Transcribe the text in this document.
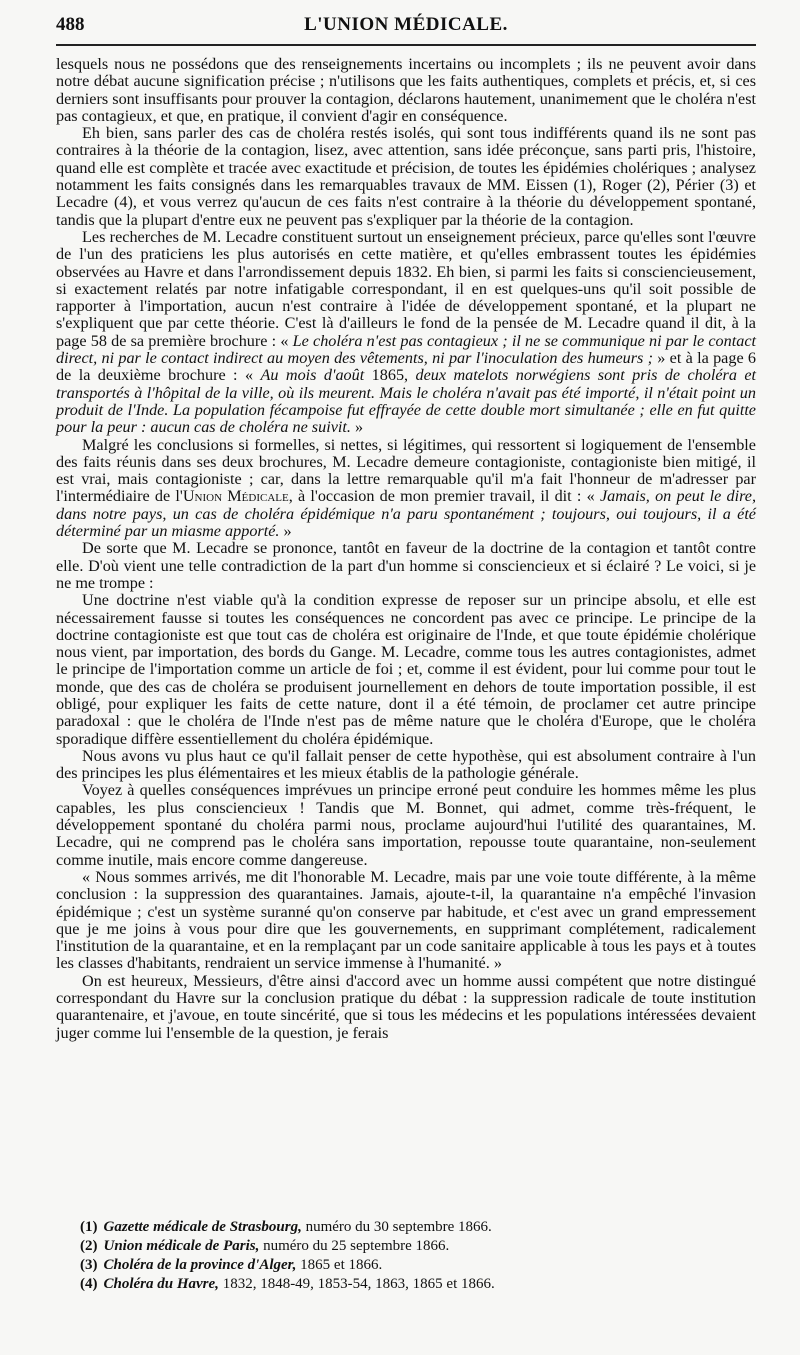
488	L'UNION MÉDICALE.

lesquels nous ne possédons que des renseignements incertains ou incomplets ; ils ne peuvent avoir dans notre débat aucune signification précise ; n'utilisons que les faits authentiques, complets et précis, et, si ces derniers sont insuffisants pour prouver la contagion, déclarons hautement, unanimement que le choléra n'est pas contagieux, et que, en pratique, il convient d'agir en conséquence.

Eh bien, sans parler des cas de choléra restés isolés, qui sont tous indifférents quand ils ne sont pas contraires à la théorie de la contagion, lisez, avec attention, sans idée préconçue, sans parti pris, l'histoire, quand elle est complète et tracée avec exactitude et précision, de toutes les épidémies cholériques ; analysez notamment les faits consignés dans les remarquables travaux de MM. Eissen (1), Roger (2), Périer (3) et Lecadre (4), et vous verrez qu'aucun de ces faits n'est contraire à la théorie du développement spontané, tandis que la plupart d'entre eux ne peuvent pas s'expliquer par la théorie de la contagion.

Les recherches de M. Lecadre constituent surtout un enseignement précieux, parce qu'elles sont l'œuvre de l'un des praticiens les plus autorisés en cette matière, et qu'elles embrassent toutes les épidémies observées au Havre et dans l'arrondissement depuis 1832. Eh bien, si parmi les faits si consciencieusement, si exactement relatés par notre infatigable correspondant, il en est quelques-uns qu'il soit possible de rapporter à l'importation, aucun n'est contraire à l'idée de développement spontané, et la plupart ne s'expliquent que par cette théorie. C'est là d'ailleurs le fond de la pensée de M. Lecadre quand il dit, à la page 58 de sa première brochure : « Le choléra n'est pas contagieux ; il ne se communique ni par le contact direct, ni par le contact indirect au moyen des vêtements, ni par l'inoculation des humeurs ; » et à la page 6 de la deuxième brochure : « Au mois d'août 1865, deux matelots norwégiens sont pris de choléra et transportés à l'hôpital de la ville, où ils meurent. Mais le choléra n'avait pas été importé, il n'était point un produit de l'Inde. La population fécampoise fut effrayée de cette double mort simultanée ; elle en fut quitte pour la peur : aucun cas de choléra ne suivit. »

Malgré les conclusions si formelles, si nettes, si légitimes, qui ressortent si logiquement de l'ensemble des faits réunis dans ses deux brochures, M. Lecadre demeure contagioniste, contagioniste bien mitigé, il est vrai, mais contagioniste ; car, dans la lettre remarquable qu'il m'a fait l'honneur de m'adresser par l'intermédiaire de l'Union Médicale, à l'occasion de mon premier travail, il dit : « Jamais, on peut le dire, dans notre pays, un cas de choléra épidémique n'a paru spontanément ; toujours, oui toujours, il a été déterminé par un miasme apporté. »

De sorte que M. Lecadre se prononce, tantôt en faveur de la doctrine de la contagion et tantôt contre elle. D'où vient une telle contradiction de la part d'un homme si consciencieux et si éclairé ? Le voici, si je ne me trompe :

Une doctrine n'est viable qu'à la condition expresse de reposer sur un principe absolu, et elle est nécessairement fausse si toutes les conséquences ne concordent pas avec ce principe. Le principe de la doctrine contagioniste est que tout cas de choléra est originaire de l'Inde, et que toute épidémie cholérique nous vient, par importation, des bords du Gange. M. Lecadre, comme tous les autres contagionistes, admet le principe de l'importation comme un article de foi ; et, comme il est évident, pour lui comme pour tout le monde, que des cas de choléra se produisent journellement en dehors de toute importation possible, il est obligé, pour expliquer les faits de cette nature, dont il a été témoin, de proclamer cet autre principe paradoxal : que le choléra de l'Inde n'est pas de même nature que le choléra d'Europe, que le choléra sporadique diffère essentiellement du choléra épidémique.

Nous avons vu plus haut ce qu'il fallait penser de cette hypothèse, qui est absolument contraire à l'un des principes les plus élémentaires et les mieux établis de la pathologie générale.

Voyez à quelles conséquences imprévues un principe erroné peut conduire les hommes même les plus capables, les plus consciencieux ! Tandis que M. Bonnet, qui admet, comme très-fréquent, le développement spontané du choléra parmi nous, proclame aujourd'hui l'utilité des quarantaines, M. Lecadre, qui ne comprend pas le choléra sans importation, repousse toute quarantaine, non-seulement comme inutile, mais encore comme dangereuse.

« Nous sommes arrivés, me dit l'honorable M. Lecadre, mais par une voie toute différente, à la même conclusion : la suppression des quarantaines. Jamais, ajoute-t-il, la quarantaine n'a empêché l'invasion épidémique ; c'est un système suranné qu'on conserve par habitude, et c'est avec un grand empressement que je me joins à vous pour dire que les gouvernements, en supprimant complétement, radicalement l'institution de la quarantaine, et en la remplaçant par un code sanitaire applicable à tous les pays et à toutes les classes d'habitants, rendraient un service immense à l'humanité. »

On est heureux, Messieurs, d'être ainsi d'accord avec un homme aussi compétent que notre distingué correspondant du Havre sur la conclusion pratique du débat : la suppression radicale de toute institution quarantenaire, et j'avoue, en toute sincérité, que si tous les médecins et les populations intéressées devaient juger comme lui l'ensemble de la question, je ferais

(1) Gazette médicale de Strasbourg, numéro du 30 septembre 1866.
(2) Union médicale de Paris, numéro du 25 septembre 1866.
(3) Choléra de la province d'Alger, 1865 et 1866.
(4) Choléra du Havre, 1832, 1848-49, 1853-54, 1863, 1865 et 1866.
